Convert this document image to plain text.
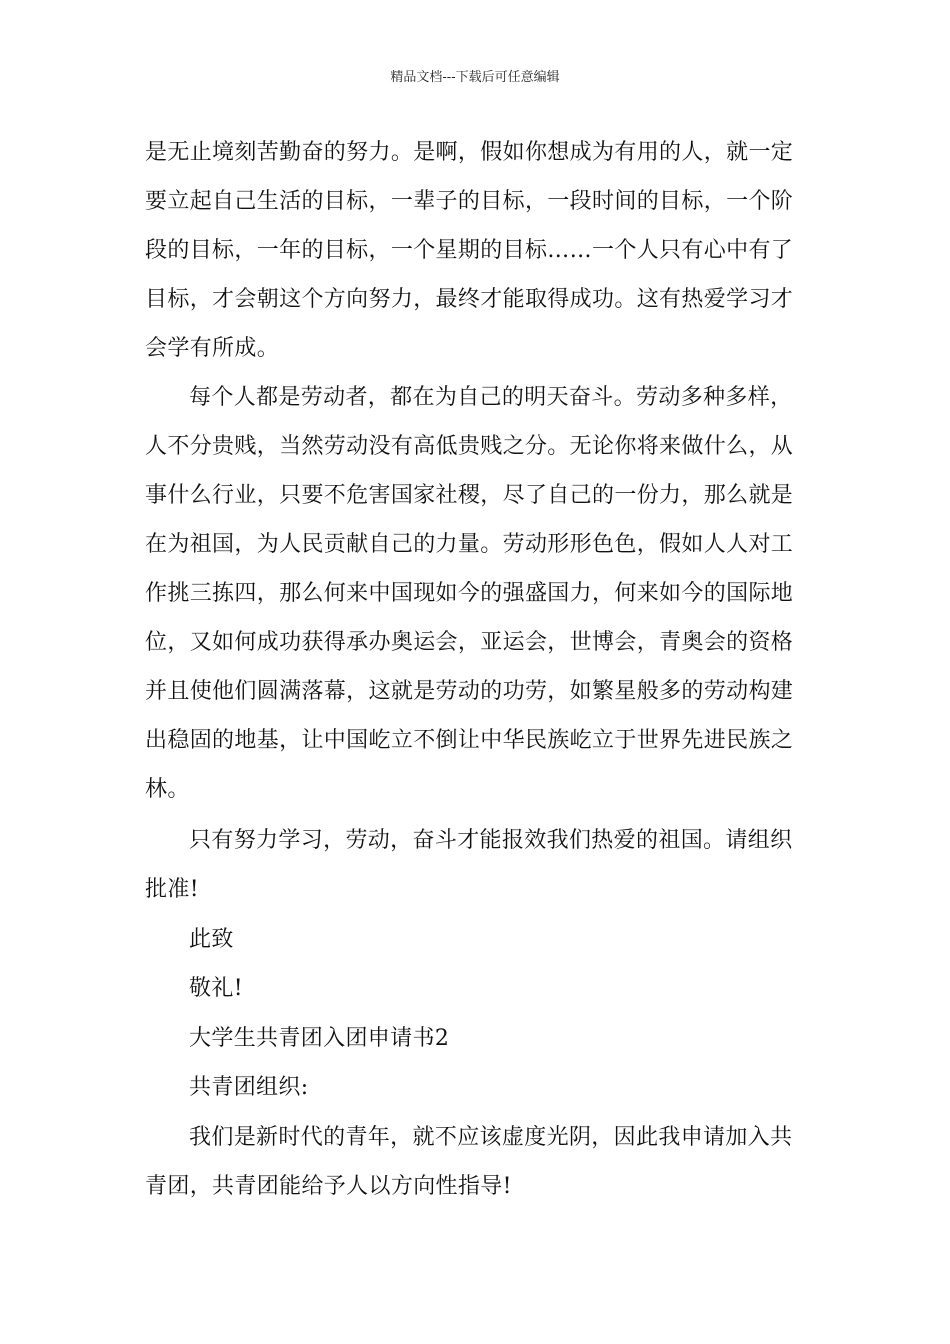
精品文档---下载后可任意编辑
是无止境刻苦勤奋的努力。是啊，假如你想成为有用的人，就一定
要立起自己生活的目标，一辈子的目标，一段时间的目标，一个阶
段的目标，一年的目标，一个星期的目标……一个人只有心中有了
目标，才会朝这个方向努力，最终才能取得成功。这有热爱学习才
会学有所成。
每个人都是劳动者，都在为自己的明天奋斗。劳动多种多样，
人不分贵贱，当然劳动没有高低贵贱之分。无论你将来做什么，从
事什么行业，只要不危害国家社稷，尽了自己的一份力，那么就是
在为祖国，为人民贡献自己的力量。劳动形形色色，假如人人对工
作挑三拣四，那么何来中国现如今的强盛国力，何来如今的国际地
位，又如何成功获得承办奥运会，亚运会，世博会，青奥会的资格
并且使他们圆满落幕，这就是劳动的功劳，如繁星般多的劳动构建
出稳固的地基，让中国屹立不倒让中华民族屹立于世界先进民族之
林。
只有努力学习，劳动，奋斗才能报效我们热爱的祖国。请组织
批准!
此致
敬礼!
大学生共青团入团申请书2
共青团组织:
我们是新时代的青年，就不应该虚度光阴，因此我申请加入共
青团，共青团能给予人以方向性指导!
